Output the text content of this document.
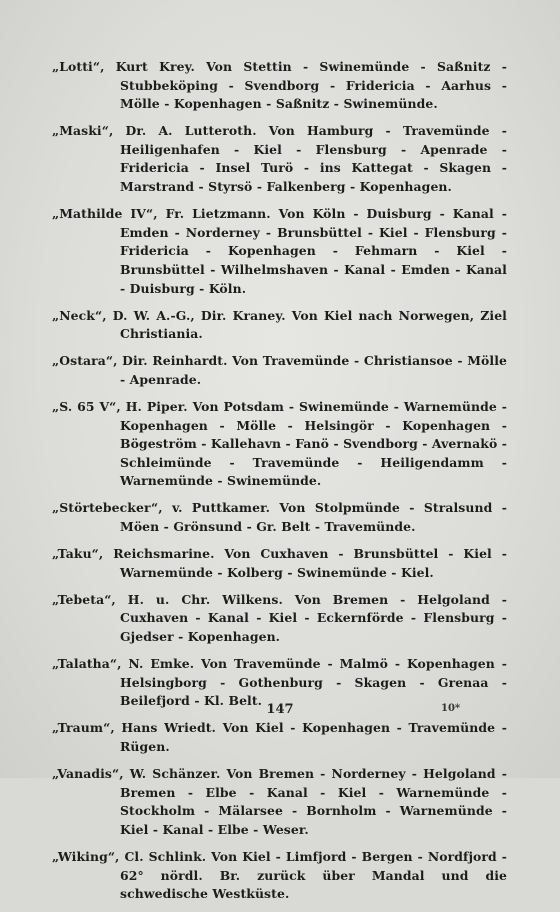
„Lotti“, Kurt Krey. Von Stettin - Swinemünde - Saßnitz - Stubbeköping - Svendborg - Fridericia - Aarhus - Mölle - Kopenhagen - Saßnitz - Swinemünde.

„Maski“, Dr. A. Lutteroth. Von Hamburg - Travemünde - Heiligenhafen - Kiel - Flensburg - Apenrade - Fridericia - Insel Turö - ins Kattegat - Skagen - Marstrand - Styrsö - Falkenberg - Kopenhagen.

„Mathilde IV“, Fr. Lietzmann. Von Köln - Duisburg - Kanal - Emden - Norderney - Brunsbüttel - Kiel - Flensburg - Fridericia - Kopenhagen - Fehmarn - Kiel - Brunsbüttel - Wilhelmshaven - Kanal - Emden - Kanal - Duisburg - Köln.

„Neck“, D. W. A.-G., Dir. Kraney. Von Kiel nach Norwegen, Ziel Christiania.

„Ostara“, Dir. Reinhardt. Von Travemünde - Christiansoe - Mölle - Apenrade.

„S. 65 V“, H. Piper. Von Potsdam - Swinemünde - Warnemünde - Kopenhagen - Mölle - Helsingör - Kopenhagen - Bögeström - Kallehavn - Fanö - Svendborg - Avernakö - Schleimünde - Travemünde - Heiligendamm - Warnemünde - Swinemünde.

„Störtebecker“, v. Puttkamer. Von Stolpmünde - Stralsund - Möen - Grönsund - Gr. Belt - Travemünde.

„Taku“, Reichsmarine. Von Cuxhaven - Brunsbüttel - Kiel - Warnemünde - Kolberg - Swinemünde - Kiel.

„Tebeta“, H. u. Chr. Wilkens. Von Bremen - Helgoland - Cuxhaven - Kanal - Kiel - Eckernförde - Flensburg - Gjedser - Kopenhagen.

„Talatha“, N. Emke. Von Travemünde - Malmö - Kopenhagen - Helsingborg - Gothenburg - Skagen - Grenaa - Beilefjord - Kl. Belt.

„Traum“, Hans Wriedt. Von Kiel - Kopenhagen - Travemünde - Rügen.

„Vanadis“, W. Schänzer. Von Bremen - Norderney - Helgoland - Bremen - Elbe - Kanal - Kiel - Warnemünde - Stockholm - Mälarsee - Bornholm - Warnemünde - Kiel - Kanal - Elbe - Weser.

„Wiking“, Cl. Schlink. Von Kiel - Limfjord - Bergen - Nordfjord - 62° nördl. Br. zurück über Mandal und die schwedische Westküste.

147	10*
